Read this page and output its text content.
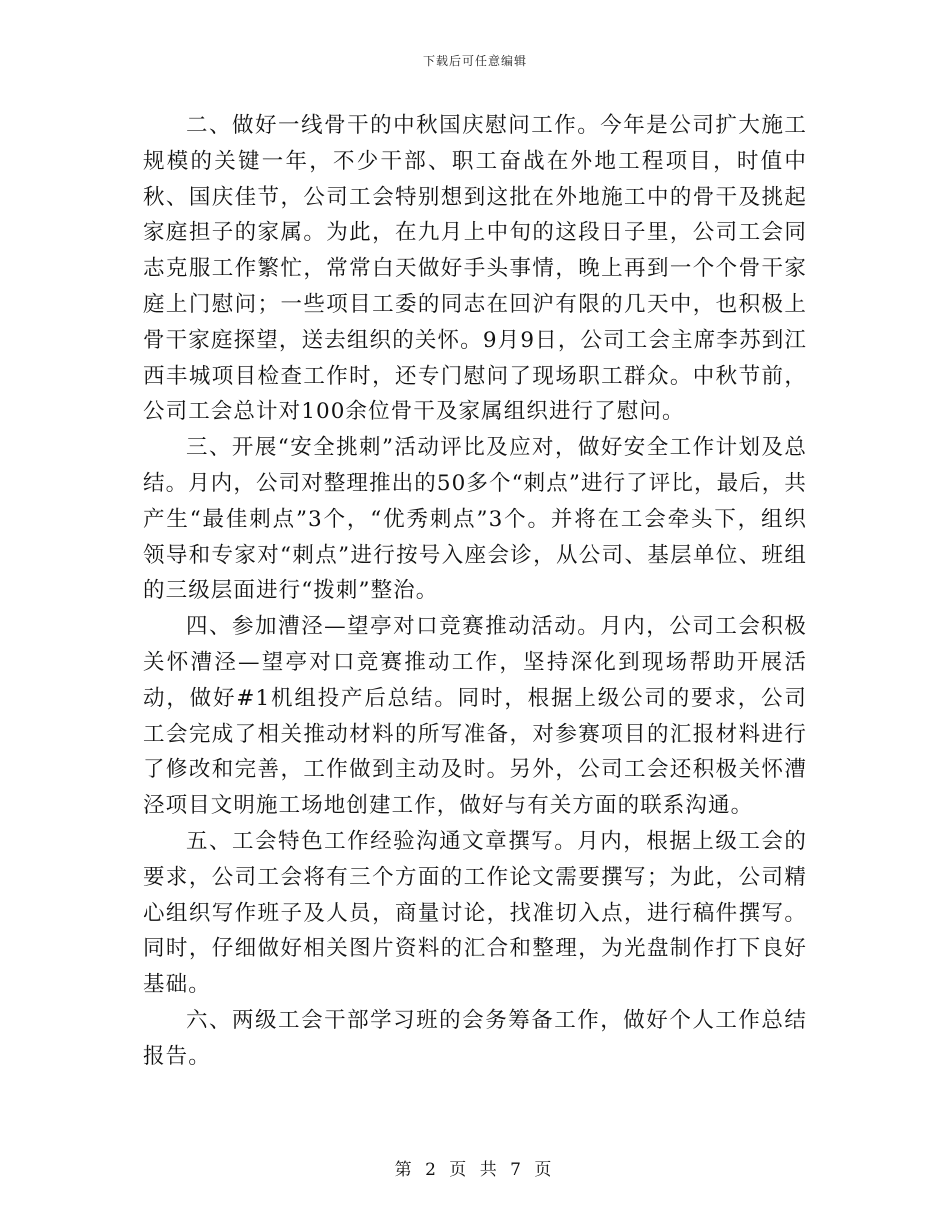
下载后可任意编辑

二、做好一线骨干的中秋国庆慰问工作。今年是公司扩大施工规模的关键一年，不少干部、职工奋战在外地工程项目，时值中秋、国庆佳节，公司工会特别想到这批在外地施工中的骨干及挑起家庭担子的家属。为此，在九月上中旬的这段日子里，公司工会同志克服工作繁忙，常常白天做好手头事情，晚上再到一个个骨干家庭上门慰问；一些项目工委的同志在回沪有限的几天中，也积极上骨干家庭探望，送去组织的关怀。9月9日，公司工会主席李苏到江西丰城项目检查工作时，还专门慰问了现场职工群众。中秋节前，公司工会总计对100余位骨干及家属组织进行了慰问。

三、开展“安全挑刺”活动评比及应对，做好安全工作计划及总结。月内，公司对整理推出的50多个“刺点”进行了评比，最后，共产生“最佳刺点”3个，“优秀刺点”3个。并将在工会牵头下，组织领导和专家对“刺点”进行按号入座会诊，从公司、基层单位、班组的三级层面进行“拨刺”整治。

四、参加漕泾—望亭对口竞赛推动活动。月内，公司工会积极关怀漕泾—望亭对口竞赛推动工作，坚持深化到现场帮助开展活动，做好#1机组投产后总结。同时，根据上级公司的要求，公司工会完成了相关推动材料的所写准备，对参赛项目的汇报材料进行了修改和完善，工作做到主动及时。另外，公司工会还积极关怀漕泾项目文明施工场地创建工作，做好与有关方面的联系沟通。

五、工会特色工作经验沟通文章撰写。月内，根据上级工会的要求，公司工会将有三个方面的工作论文需要撰写；为此，公司精心组织写作班子及人员，商量讨论，找准切入点，进行稿件撰写。同时，仔细做好相关图片资料的汇合和整理，为光盘制作打下良好基础。

六、两级工会干部学习班的会务筹备工作，做好个人工作总结报告。

第 2 页 共 7 页
